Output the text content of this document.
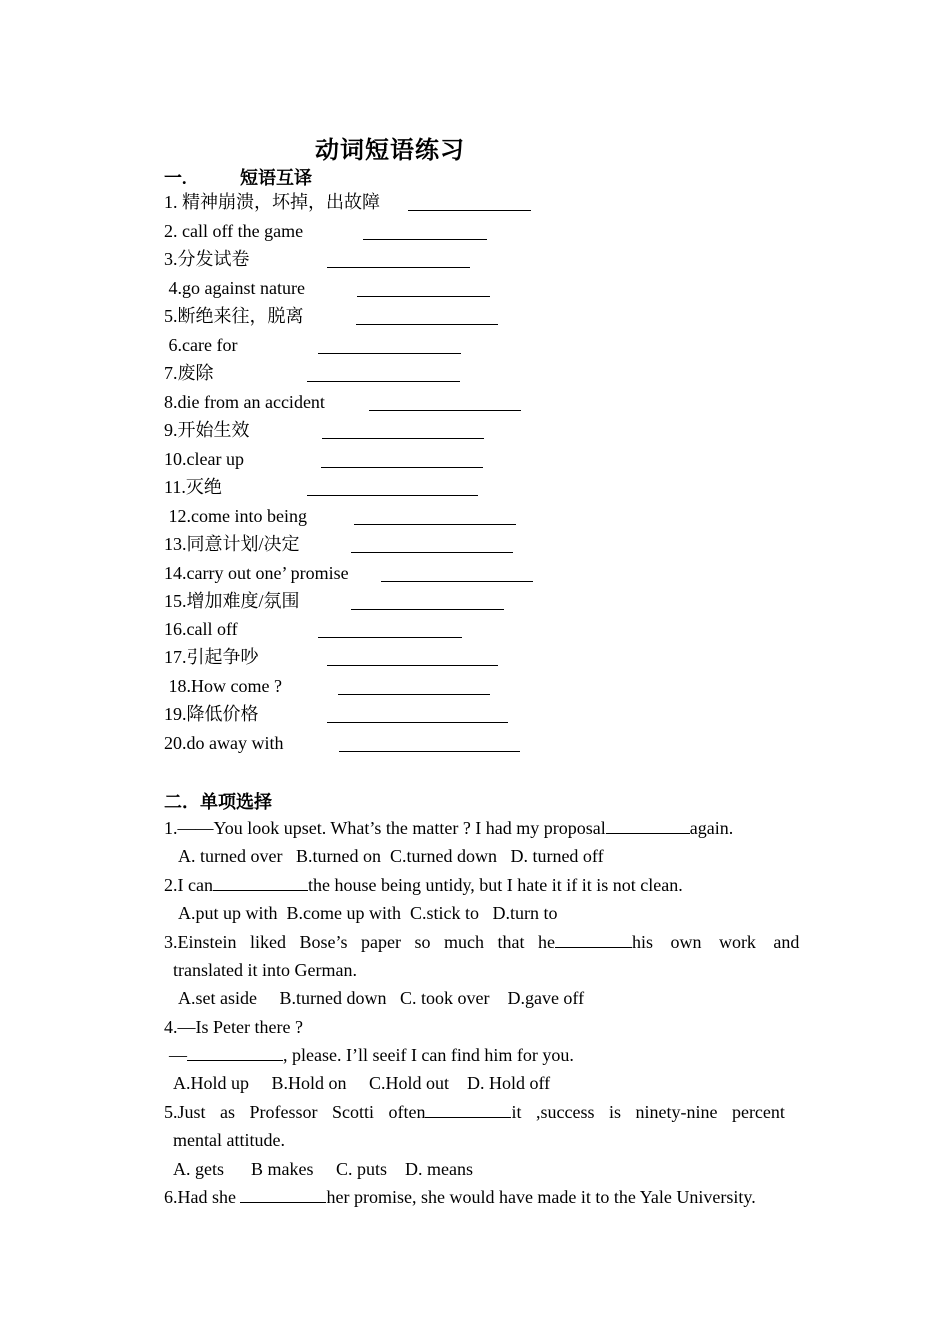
动词短语练习
一.	短语互译
1. 精神崩溃，坏掉，出故障
2. call off the game
3.分发试卷
4.go against nature
5.断绝来往，脱离
6.care for
7.废除
8.die from an accident
9.开始生效
10.clear up
11.灭绝
12.come into being
13.同意计划/决定
14.carry out one’ promise
15.增加难度/氛围
16.call off
17.引起争吵
18.How come ?
19.降低价格
20.do away with
二．单项选择
1.——You look upset. What’s the matter ? I had my proposal	again.
A. turned over   B.turned on  C.turned down   D. turned off
2.I can	the house being untidy, but I hate it if it is not clean.
A.put up with  B.come up with  C.stick to   D.turn to
3.Einstein liked Bose’s paper so much that he	his own work and
translated it into German.
A.set aside     B.turned down   C. took over    D.gave off
4.—Is Peter there ?
—	, please. I’ll seeif I can find him for you.
A.Hold up     B.Hold on     C.Hold out    D. Hold off
5.Just as Professor Scotti often	it ,success is ninety-nine percent
mental attitude.
A. gets      B makes     C. puts    D. means
6.Had she	her promise, she would have made it to the Yale University.
